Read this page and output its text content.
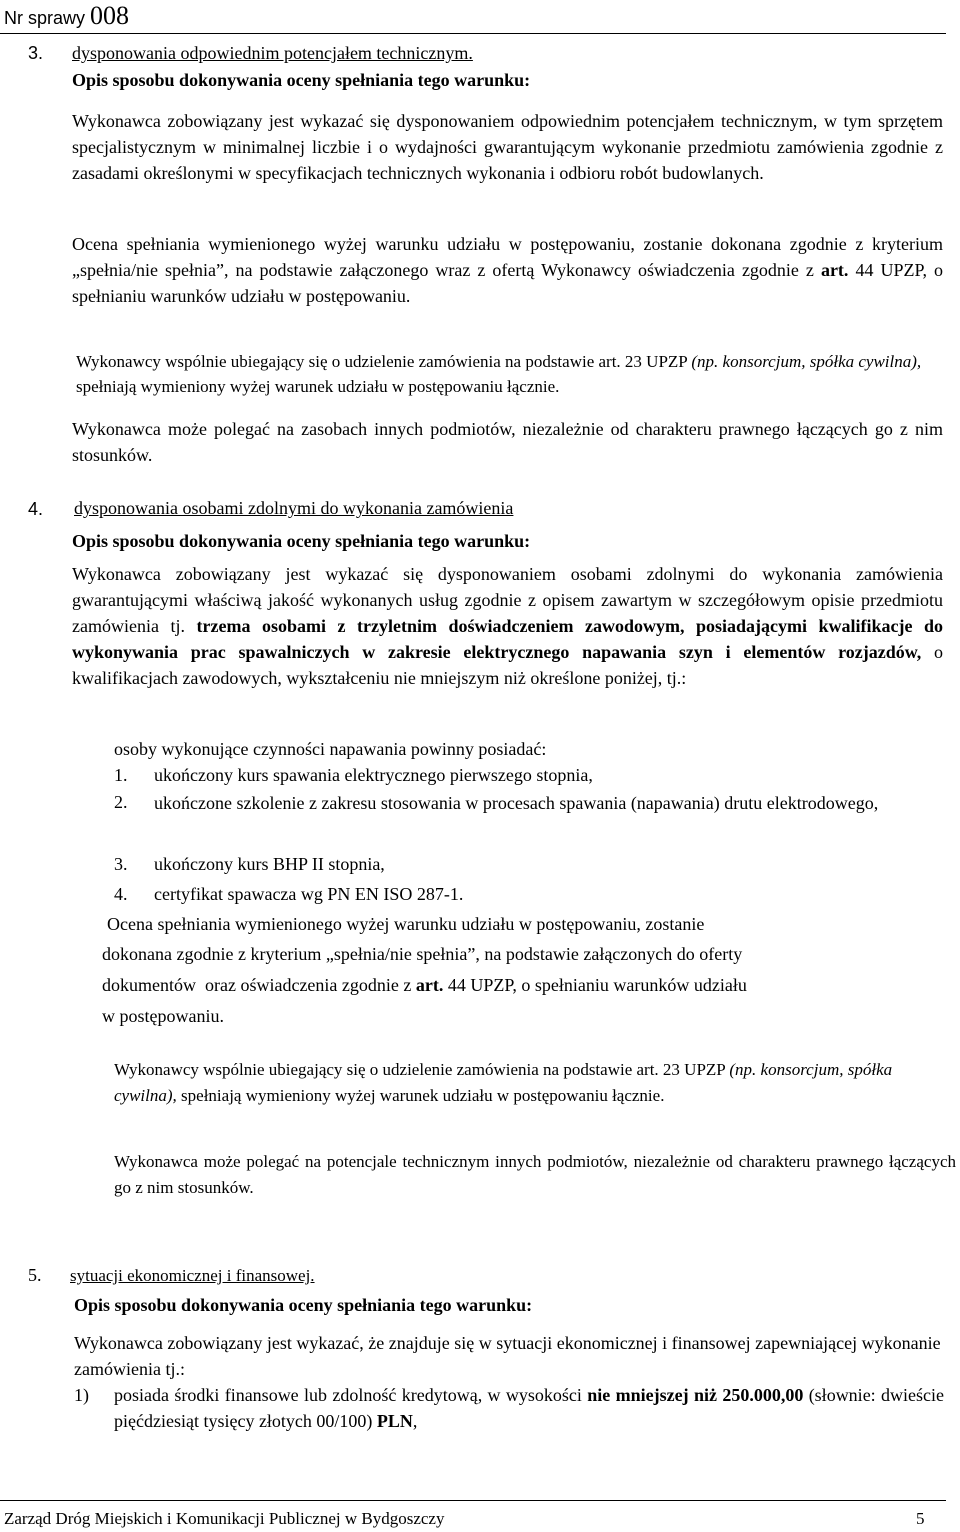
Nr sprawy 008
3. dysponowania odpowiednim potencjałem technicznym.
Opis sposobu dokonywania oceny spełniania tego warunku:

Wykonawca zobowiązany jest wykazać się dysponowaniem odpowiednim potencjałem technicznym, w tym sprzętem specjalistycznym w minimalnej liczbie i o wydajności gwarantującym wykonanie przedmiotu zamówienia zgodnie z zasadami określonymi w specyfikacjach technicznych wykonania i odbioru robót budowlanych.

Ocena spełniania wymienionego wyżej warunku udziału w postępowaniu, zostanie dokonana zgodnie z kryterium „spełnia/nie spełnia”, na podstawie załączonego wraz z ofertą Wykonawcy oświadczenia zgodnie z art. 44 UPZP, o spełnianiu warunków udziału w postępowaniu.

Wykonawcy wspólnie ubiegający się o udzielenie zamówienia na podstawie art. 23 UPZP (np. konsorcjum, spółka cywilna), spełniają wymieniony wyżej warunek udziału w postępowaniu łącznie.

Wykonawca może polegać na zasobach innych podmiotów, niezależnie od charakteru prawnego łączących go z nim stosunków.

4. dysponowania osobami zdolnymi do wykonania zamówienia
Opis sposobu dokonywania oceny spełniania tego warunku:

Wykonawca zobowiązany jest wykazać się dysponowaniem osobami zdolnymi do wykonania zamówienia gwarantującymi właściwą jakość wykonanych usług zgodnie z opisem zawartym w szczegółowym opisie przedmiotu zamówienia tj. trzema osobami z trzyletnim doświadczeniem zawodowym, posiadającymi kwalifikacje do wykonywania prac spawalniczych w zakresie elektrycznego napawania szyn i elementów rozjazdów, o kwalifikacjach zawodowych, wykształceniu nie mniejszym niż określone poniżej, tj.:

osoby wykonujące czynności napawania powinny posiadać:
1. ukończony kurs spawania elektrycznego pierwszego stopnia,
2.	ukończone szkolenie z zakresu stosowania w procesach spawania (napawania) drutu elektrodowego,
3. ukończony kurs BHP II stopnia,
4. certyfikat spawacza wg PN EN ISO 287-1.
Ocena spełniania wymienionego wyżej warunku udziału w postępowaniu, zostanie
dokonana zgodnie z kryterium „spełnia/nie spełnia”, na podstawie załączonych do oferty
dokumentów  oraz oświadczenia zgodnie z art. 44 UPZP, o spełnianiu warunków udziału
w postępowaniu.

Wykonawcy wspólnie ubiegający się o udzielenie zamówienia na podstawie art. 23 UPZP (np. konsorcjum, spółka cywilna), spełniają wymieniony wyżej warunek udziału w postępowaniu łącznie.

Wykonawca może polegać na potencjale technicznym innych podmiotów, niezależnie od charakteru prawnego łączących go z nim stosunków.

5. sytuacji ekonomicznej i finansowej.
Opis sposobu dokonywania oceny spełniania tego warunku:

Wykonawca zobowiązany jest wykazać, że znajduje się w sytuacji ekonomicznej i finansowej zapewniającej wykonanie zamówienia tj.:

1)	posiada środki finansowe lub zdolność kredytową, w wysokości nie mniejszej niż 250.000,00 (słownie: dwieście pięćdziesiąt tysięcy złotych 00/100) PLN,
Zarząd Dróg Miejskich i Komunikacji Publicznej w Bydgoszczy	5
